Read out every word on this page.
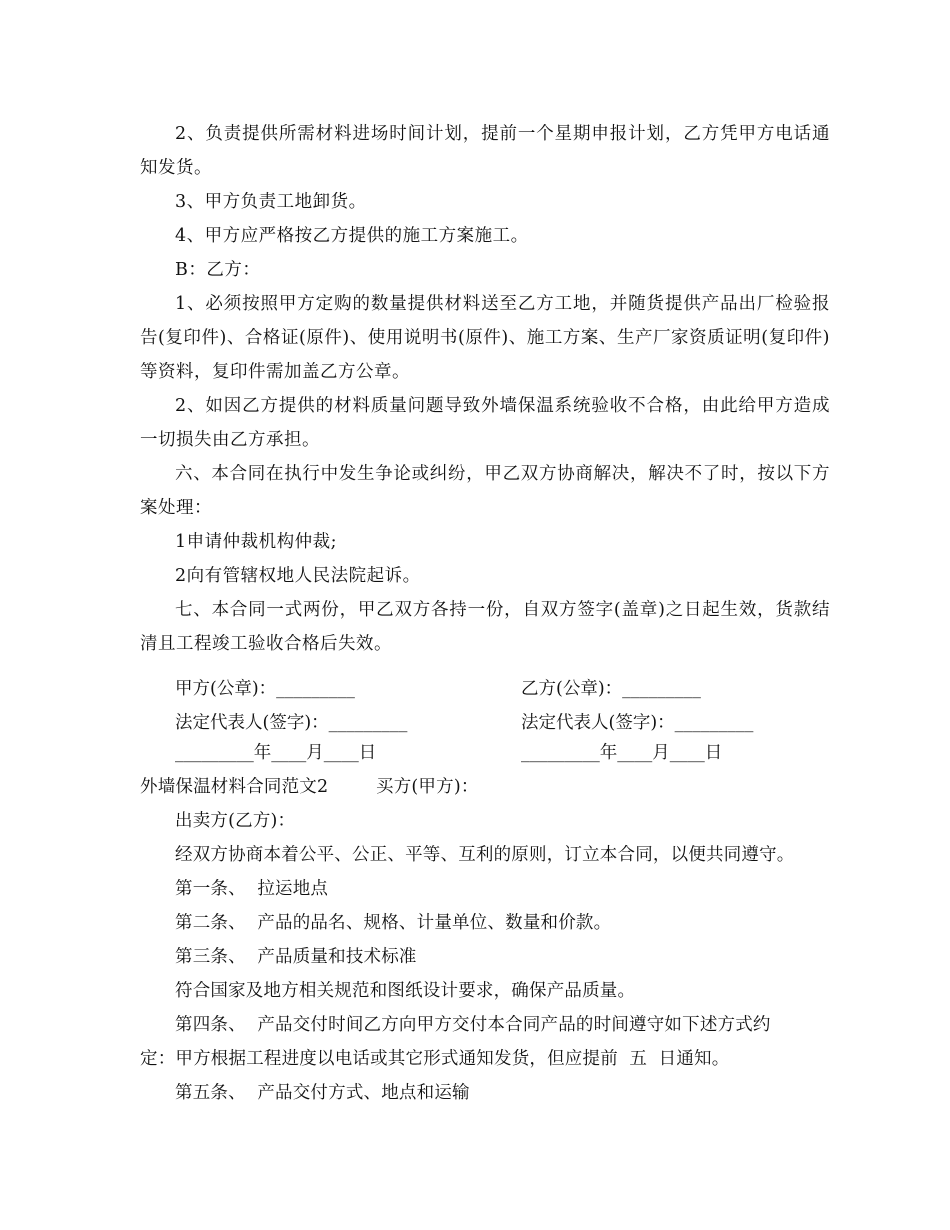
2、负责提供所需材料进场时间计划，提前一个星期申报计划，乙方凭甲方电话通知发货。

3、甲方负责工地卸货。

4、甲方应严格按乙方提供的施工方案施工。

B：乙方：

1、必须按照甲方定购的数量提供材料送至乙方工地，并随货提供产品出厂检验报告(复印件)、合格证(原件)、使用说明书(原件)、施工方案、生产厂家资质证明(复印件)等资料，复印件需加盖乙方公章。

2、如因乙方提供的材料质量问题导致外墙保温系统验收不合格，由此给甲方造成一切损失由乙方承担。

六、本合同在执行中发生争论或纠纷，甲乙双方协商解决，解决不了时，按以下方案处理：

1申请仲裁机构仲裁;

2向有管辖权地人民法院起诉。

七、本合同一式两份，甲乙双方各持一份，自双方签字(盖章)之日起生效，货款结清且工程竣工验收合格后失效。

甲方(公章)：_________	乙方(公章)：_________
法定代表人(签字)：_________	法定代表人(签字)：_________
_________年____月____日	_________年____月____日
外墙保温材料合同范文2	买方(甲方)：
出卖方(乙方)：
经双方协商本着公平、公正、平等、互利的原则，订立本合同，以便共同遵守。
第一条、  拉运地点
第二条、  产品的品名、规格、计量单位、数量和价款。
第三条、  产品质量和技术标准
符合国家及地方相关规范和图纸设计要求，确保产品质量。
第四条、  产品交付时间乙方向甲方交付本合同产品的时间遵守如下述方式约
定：甲方根据工程进度以电话或其它形式通知发货，但应提前  五  日通知。
第五条、  产品交付方式、地点和运输
